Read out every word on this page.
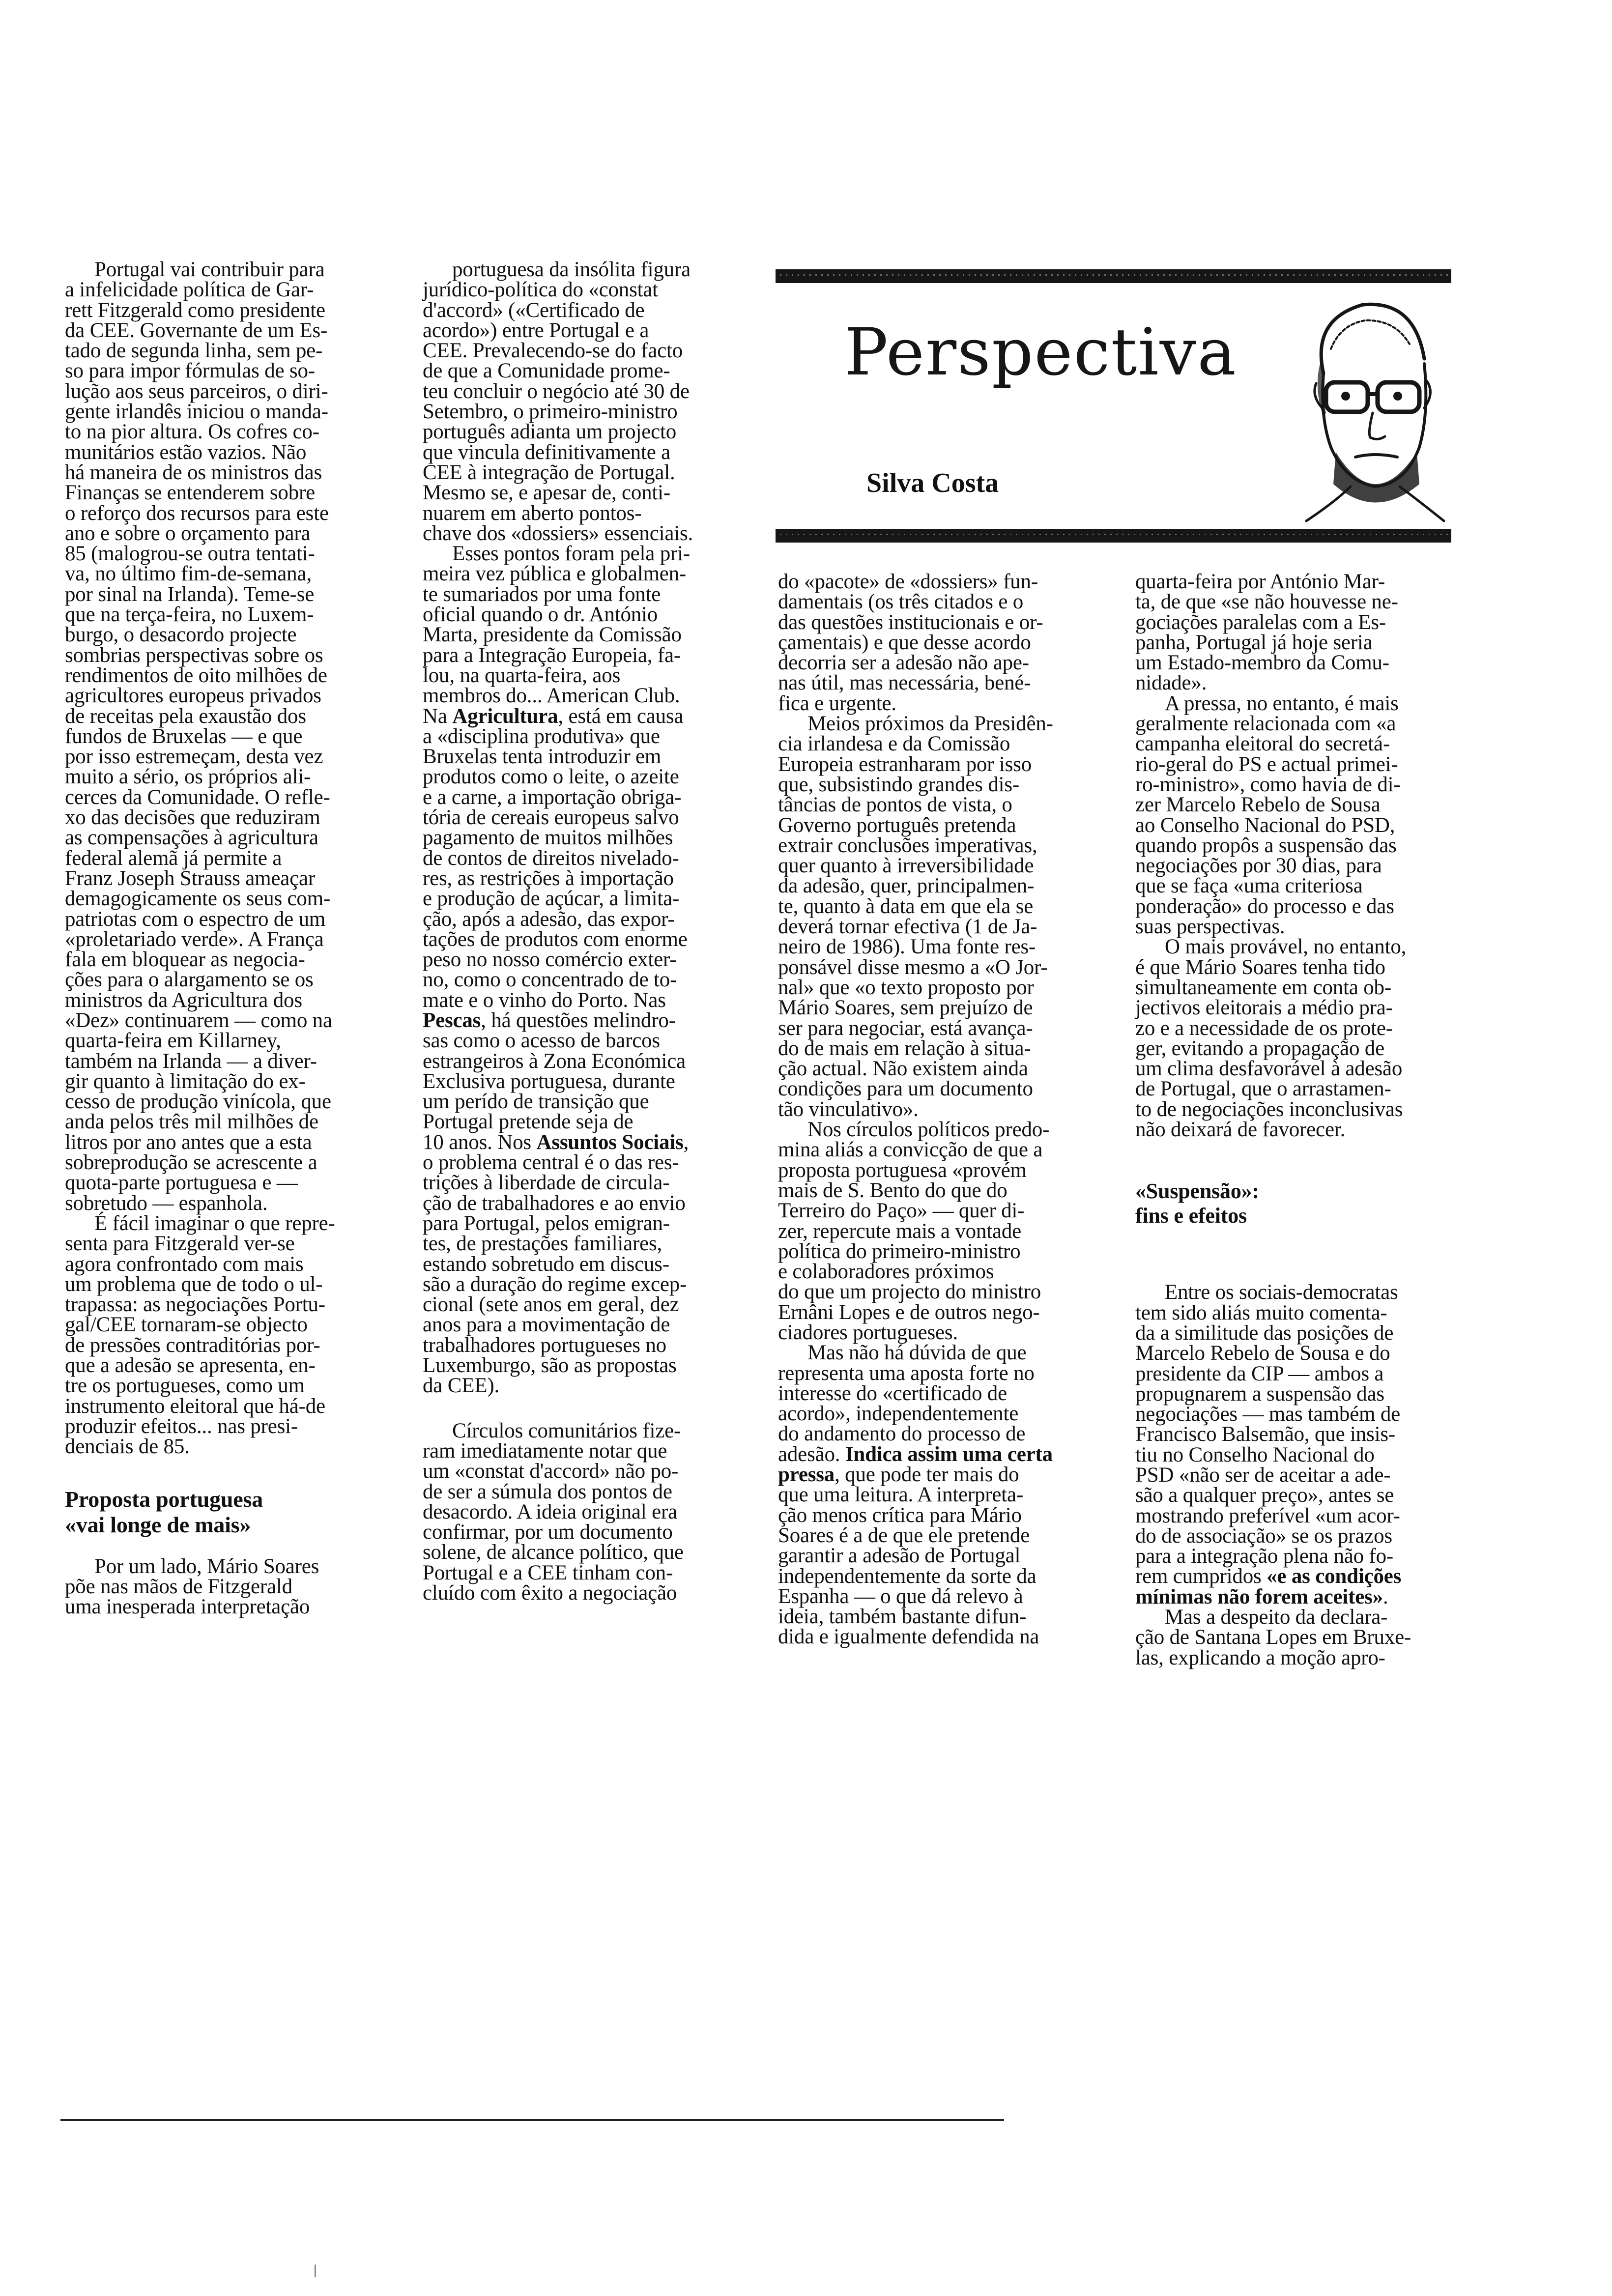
Perspectiva
Silva Costa

Portugal vai contribuir para
a infelicidade política de Gar-
rett Fitzgerald como presidente
da CEE. Governante de um Es-
tado de segunda linha, sem pe-
so para impor fórmulas de so-
lução aos seus parceiros, o diri-
gente irlandês iniciou o manda-
to na pior altura. Os cofres co-
munitários estão vazios. Não
há maneira de os ministros das
Finanças se entenderem sobre
o reforço dos recursos para este
ano e sobre o orçamento para
85 (malogrou-se outra tentati-
va, no último fim-de-semana,
por sinal na Irlanda). Teme-se
que na terça-feira, no Luxem-
burgo, o desacordo projecte
sombrias perspectivas sobre os
rendimentos de oito milhões de
agricultores europeus privados
de receitas pela exaustão dos
fundos de Bruxelas — e que
por isso estremeçam, desta vez
muito a sério, os próprios ali-
cerces da Comunidade. O refle-
xo das decisões que reduziram
as compensações à agricultura
federal alemã já permite a
Franz Joseph Strauss ameaçar
demagogicamente os seus com-
patriotas com o espectro de um
«proletariado verde». A França
fala em bloquear as negocia-
ções para o alargamento se os
ministros da Agricultura dos
«Dez» continuarem — como na
quarta-feira em Killarney,
também na Irlanda — a diver-
gir quanto à limitação do ex-
cesso de produção vinícola, que
anda pelos três mil milhões de
litros por ano antes que a esta
sobreprodução se acrescente a
quota-parte portuguesa e —
sobretudo — espanhola.

É fácil imaginar o que repre-
senta para Fitzgerald ver-se
agora confrontado com mais
um problema que de todo o ul-
trapassa: as negociações Portu-
gal/CEE tornaram-se objecto
de pressões contraditórias por-
que a adesão se apresenta, en-
tre os portugueses, como um
instrumento eleitoral que há-de
produzir efeitos... nas presi-
denciais de 85.

Proposta portuguesa
«vai longe de mais»

Por um lado, Mário Soares
põe nas mãos de Fitzgerald
uma inesperada interpretação

portuguesa da insólita figura
jurídico-política do «constat
d'accord» («Certificado de
acordo») entre Portugal e a
CEE. Prevalecendo-se do facto
de que a Comunidade prome-
teu concluir o negócio até 30 de
Setembro, o primeiro-ministro
português adianta um projecto
que vincula definitivamente a
CEE à integração de Portugal.
Mesmo se, e apesar de, conti-
nuarem em aberto pontos-
chave dos «dossiers» essenciais.

Esses pontos foram pela pri-
meira vez pública e globalmen-
te sumariados por uma fonte
oficial quando o dr. António
Marta, presidente da Comissão
para a Integração Europeia, fa-
lou, na quarta-feira, aos
membros do... American Club.
Na Agricultura, está em causa
a «disciplina produtiva» que
Bruxelas tenta introduzir em
produtos como o leite, o azeite
e a carne, a importação obriga-
tória de cereais europeus salvo
pagamento de muitos milhões
de contos de direitos nivelado-
res, as restrições à importação
e produção de açúcar, a limita-
ção, após a adesão, das expor-
tações de produtos com enorme
peso no nosso comércio exter-
no, como o concentrado de to-
mate e o vinho do Porto. Nas
Pescas, há questões melindro-
sas como o acesso de barcos
estrangeiros à Zona Económica
Exclusiva portuguesa, durante
um perído de transição que
Portugal pretende seja de
10 anos. Nos Assuntos Sociais,
o problema central é o das res-
trições à liberdade de circula-
ção de trabalhadores e ao envio
para Portugal, pelos emigran-
tes, de prestações familiares,
estando sobretudo em discus-
são a duração do regime excep-
cional (sete anos em geral, dez
anos para a movimentação de
trabalhadores portugueses no
Luxemburgo, são as propostas
da CEE).

Círculos comunitários fize-
ram imediatamente notar que
um «constat d'accord» não po-
de ser a súmula dos pontos de
desacordo. A ideia original era
confirmar, por um documento
solene, de alcance político, que
Portugal e a CEE tinham con-
cluído com êxito a negociação

do «pacote» de «dossiers» fun-
damentais (os três citados e o
das questões institucionais e or-
çamentais) e que desse acordo
decorria ser a adesão não ape-
nas útil, mas necessária, bené-
fica e urgente.

Meios próximos da Presidên-
cia irlandesa e da Comissão
Europeia estranharam por isso
que, subsistindo grandes dis-
tâncias de pontos de vista, o
Governo português pretenda
extrair conclusões imperativas,
quer quanto à irreversibilidade
da adesão, quer, principalmen-
te, quanto à data em que ela se
deverá tornar efectiva (1 de Ja-
neiro de 1986). Uma fonte res-
ponsável disse mesmo a «O Jor-
nal» que «o texto proposto por
Mário Soares, sem prejuízo de
ser para negociar, está avança-
do de mais em relação à situa-
ção actual. Não existem ainda
condições para um documento
tão vinculativo».

Nos círculos políticos predo-
mina aliás a convicção de que a
proposta portuguesa «provém
mais de S. Bento do que do
Terreiro do Paço» — quer di-
zer, repercute mais a vontade
política do primeiro-ministro
e colaboradores próximos
do que um projecto do ministro
Ernâni Lopes e de outros nego-
ciadores portugueses.

Mas não há dúvida de que
representa uma aposta forte no
interesse do «certificado de
acordo», independentemente
do andamento do processo de
adesão. Indica assim uma certa
pressa, que pode ter mais do
que uma leitura. A interpreta-
ção menos crítica para Mário
Soares é a de que ele pretende
garantir a adesão de Portugal
independentemente da sorte da
Espanha — o que dá relevo à
ideia, também bastante difun-
dida e igualmente defendida na

quarta-feira por António Mar-
ta, de que «se não houvesse ne-
gociações paralelas com a Es-
panha, Portugal já hoje seria
um Estado-membro da Comu-
nidade».

A pressa, no entanto, é mais
geralmente relacionada com «a
campanha eleitoral do secretá-
rio-geral do PS e actual primei-
ro-ministro», como havia de di-
zer Marcelo Rebelo de Sousa
ao Conselho Nacional do PSD,
quando propôs a suspensão das
negociações por 30 dias, para
que se faça «uma criteriosa
ponderação» do processo e das
suas perspectivas.

O mais provável, no entanto,
é que Mário Soares tenha tido
simultaneamente em conta ob-
jectivos eleitorais a médio pra-
zo e a necessidade de os prote-
ger, evitando a propagação de
um clima desfavorável à adesão
de Portugal, que o arrastamen-
to de negociações inconclusivas
não deixará de favorecer.

«Suspensão»:
fins e efeitos

Entre os sociais-democratas
tem sido aliás muito comenta-
da a similitude das posições de
Marcelo Rebelo de Sousa e do
presidente da CIP — ambos a
propugnarem a suspensão das
negociações — mas também de
Francisco Balsemão, que insis-
tiu no Conselho Nacional do
PSD «não ser de aceitar a ade-
são a qualquer preço», antes se
mostrando preferível «um acor-
do de associação» se os prazos
para a integração plena não fo-
rem cumpridos «e as condições
mínimas não forem aceites».

Mas a despeito da declara-
ção de Santana Lopes em Bruxe-
las, explicando a moção apro-
